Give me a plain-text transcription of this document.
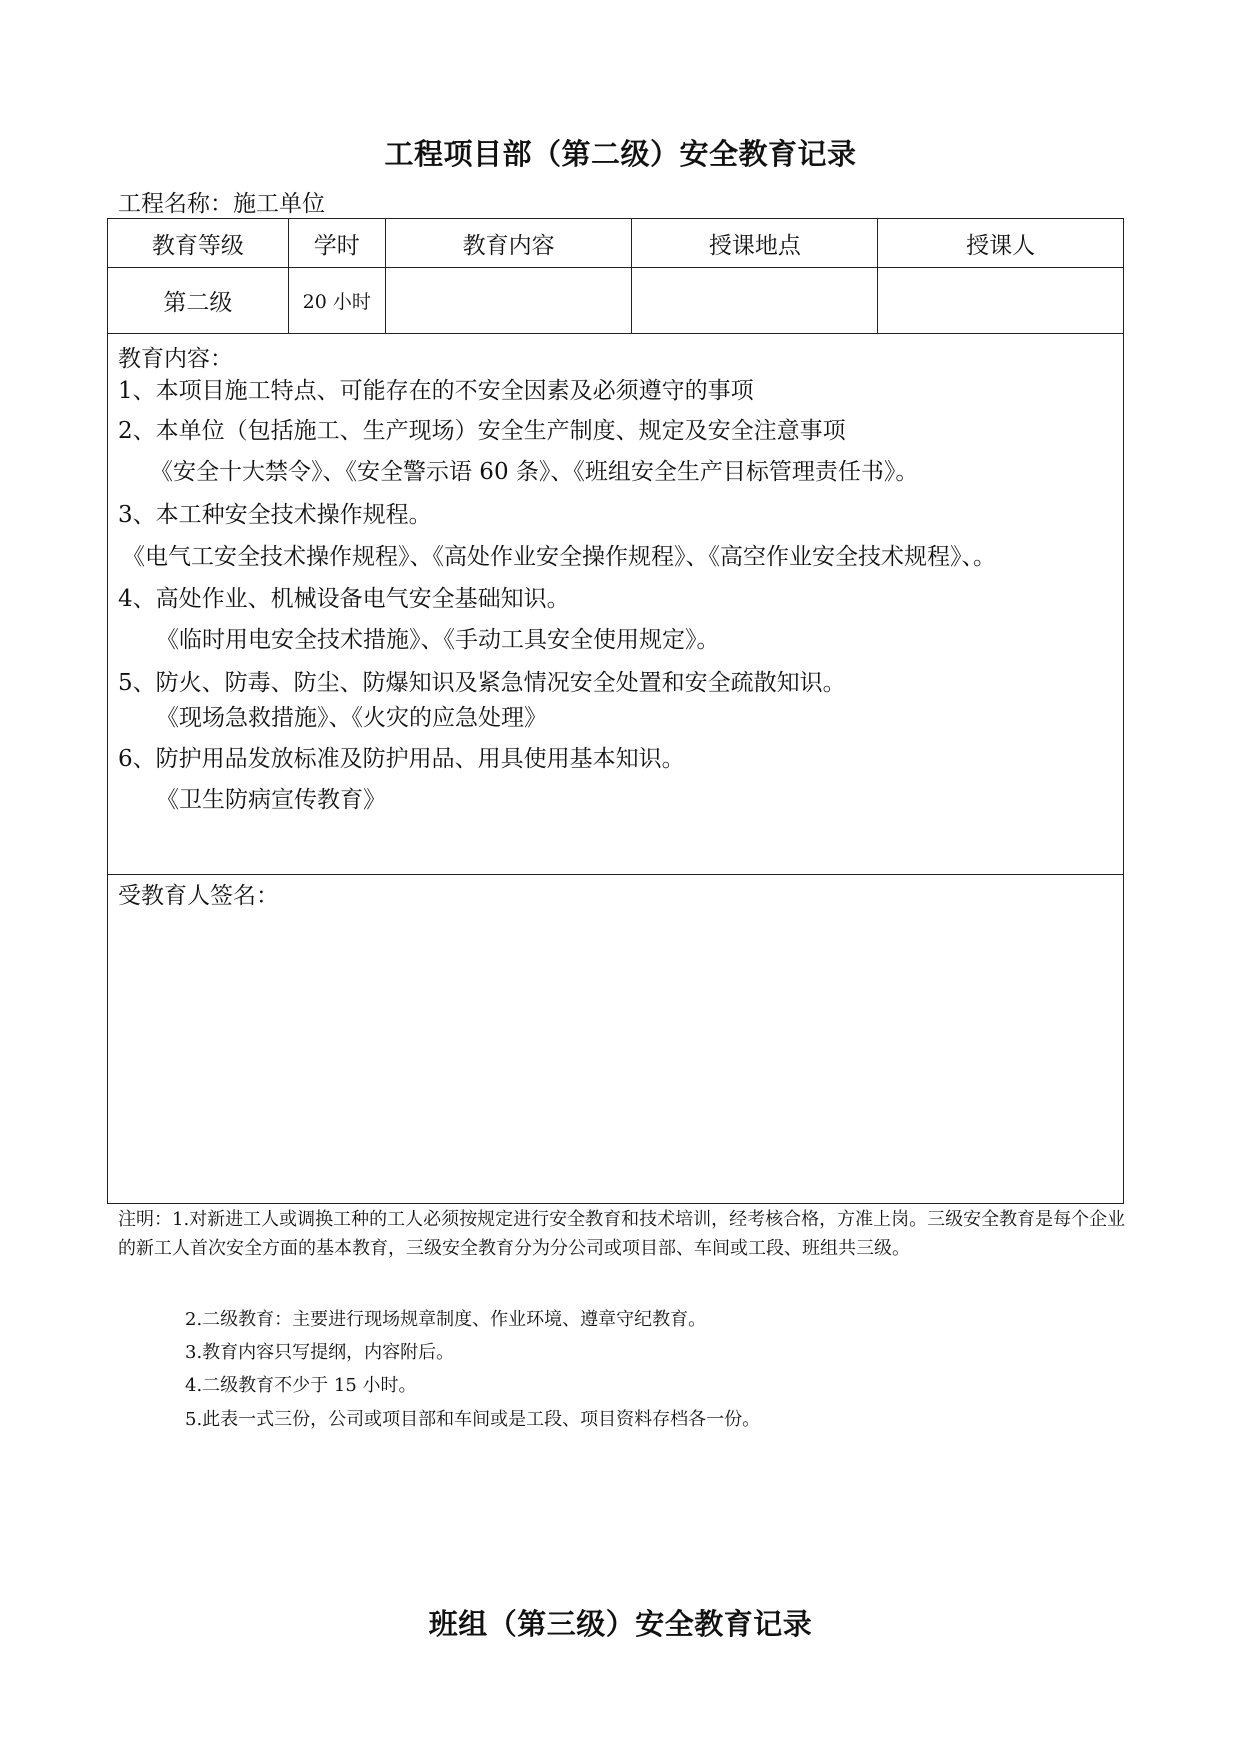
工程项目部（第二级）安全教育记录
工程名称：施工单位
教育等级	学时	教育内容	授课地点	授课人
第二级	20 小时			
教育内容：
1、本项目施工特点、可能存在的不安全因素及必须遵守的事项
2、本单位（包括施工、生产现场）安全生产制度、规定及安全注意事项
《安全十大禁令》、《安全警示语 60 条》、《班组安全生产目标管理责任书》。
3、本工种安全技术操作规程。
《电气工安全技术操作规程》、《高处作业安全操作规程》、《高空作业安全技术规程》、。
4、高处作业、机械设备电气安全基础知识。
《临时用电安全技术措施》、《手动工具安全使用规定》。
5、防火、防毒、防尘、防爆知识及紧急情况安全处置和安全疏散知识。
《现场急救措施》、《火灾的应急处理》
6、防护用品发放标准及防护用品、用具使用基本知识。
《卫生防病宣传教育》
受教育人签名：
注明：1.对新进工人或调换工种的工人必须按规定进行安全教育和技术培训，经考核合格，方准上岗。三级安全教育是每个企业的新工人首次安全方面的基本教育，三级安全教育分为分公司或项目部、车间或工段、班组共三级。
2.二级教育：主要进行现场规章制度、作业环境、遵章守纪教育。
3.教育内容只写提纲，内容附后。
4.二级教育不少于 15 小时。
5.此表一式三份，公司或项目部和车间或是工段、项目资料存档各一份。
班组（第三级）安全教育记录
